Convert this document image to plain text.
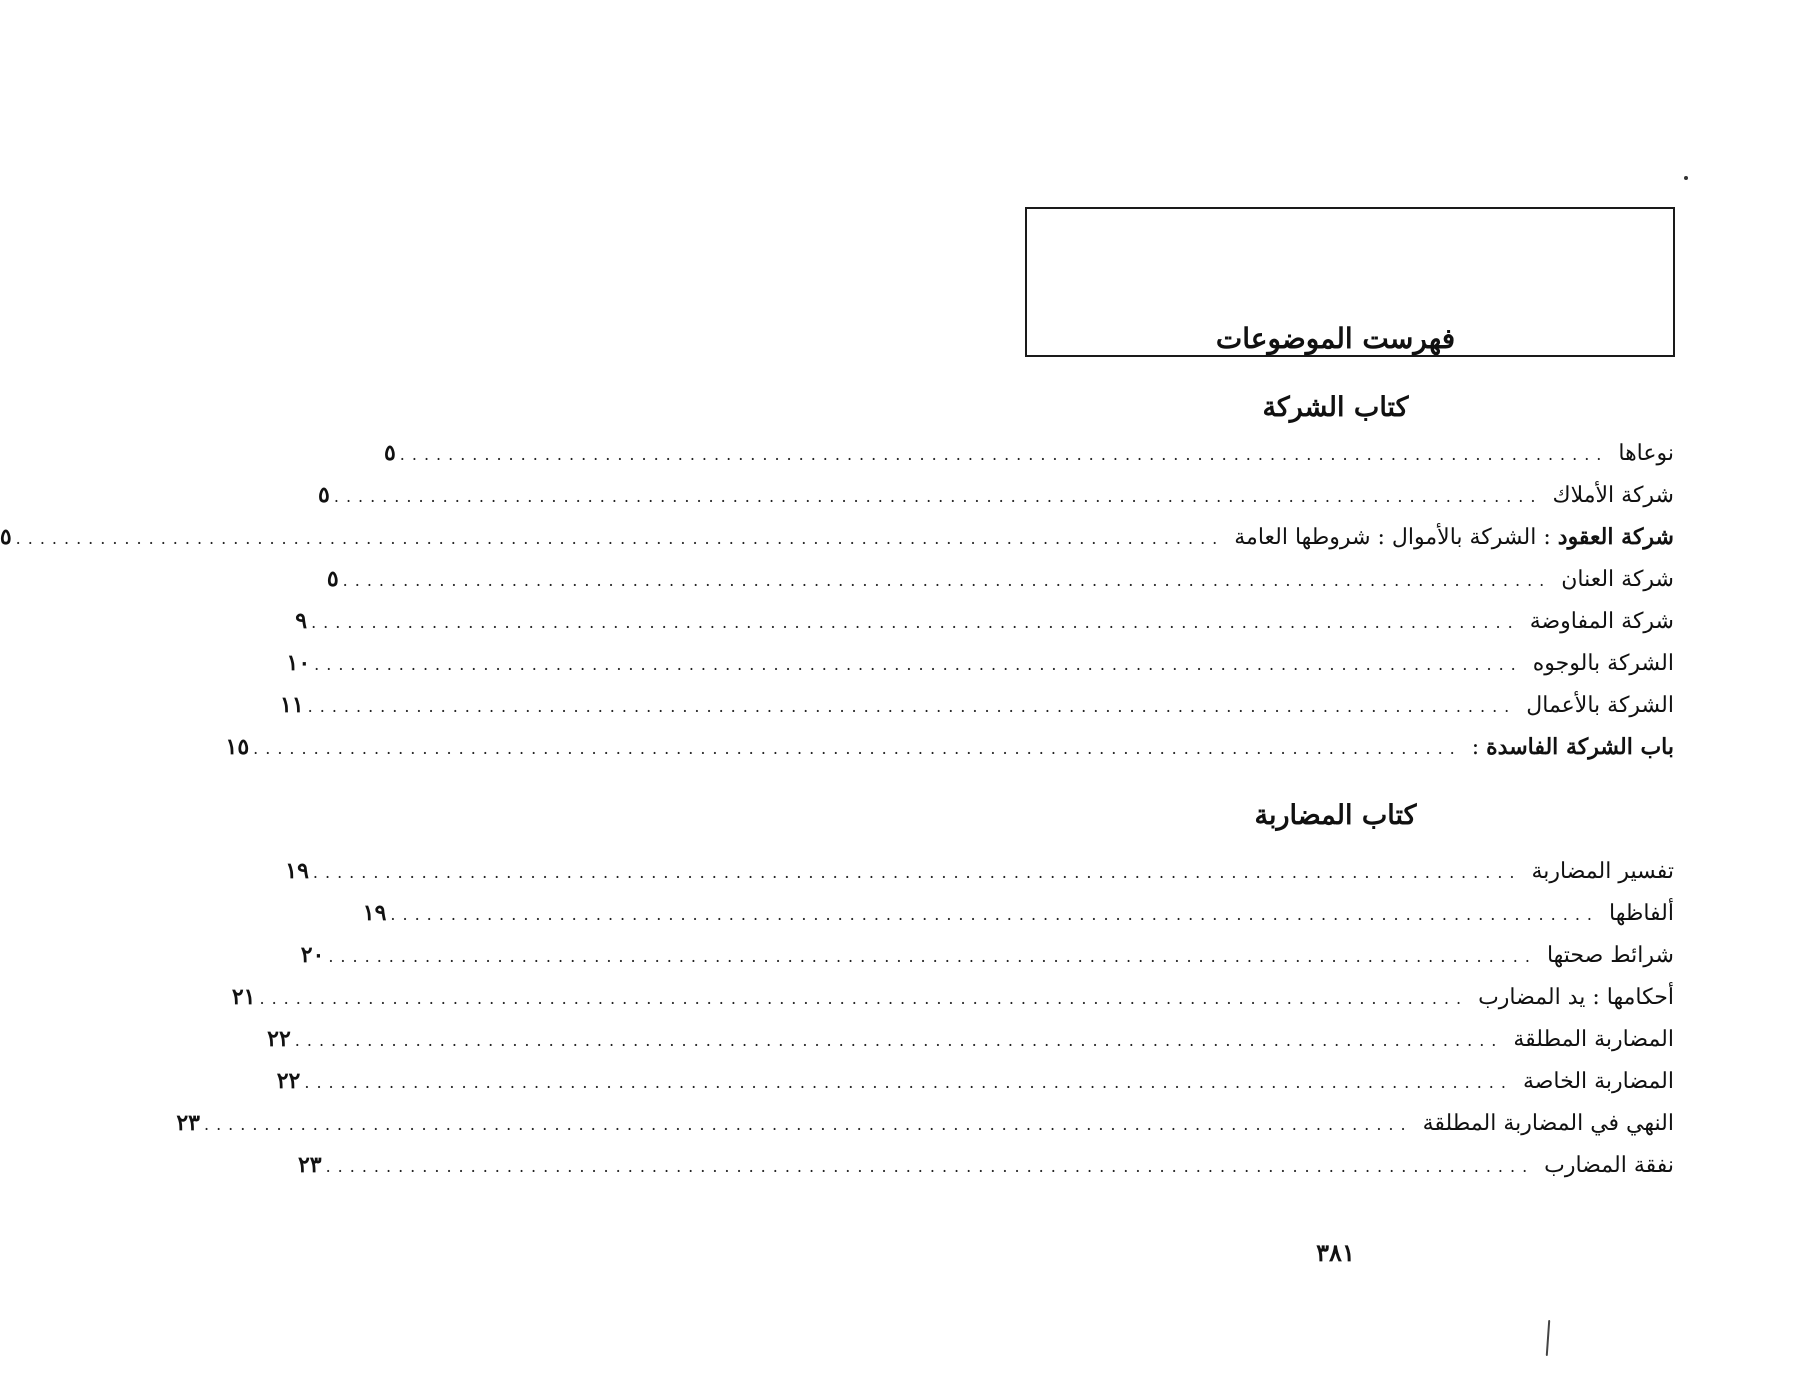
فهرست الموضوعات
كتاب الشركة
نوعاها
....................................................................................................
٥
شركة الأملاك
....................................................................................................
٥
شركة العقود : الشركة بالأموال : شروطها العامة
....................................................................................................
٥
شركة العنان
....................................................................................................
٥
شركة المفاوضة
....................................................................................................
٩
الشركة بالوجوه
....................................................................................................
١٠
الشركة بالأعمال
....................................................................................................
١١
باب الشركة الفاسدة :
....................................................................................................
١٥
كتاب المضاربة
تفسير المضاربة
....................................................................................................
١٩
ألفاظها
....................................................................................................
١٩
شرائط صحتها
....................................................................................................
٢٠
أحكامها : يد المضارب
....................................................................................................
٢١
المضاربة المطلقة
....................................................................................................
٢٢
المضاربة الخاصة
....................................................................................................
٢٢
النهي في المضاربة المطلقة
....................................................................................................
٢٣
نفقة المضارب
....................................................................................................
٢٣
٣٨١
